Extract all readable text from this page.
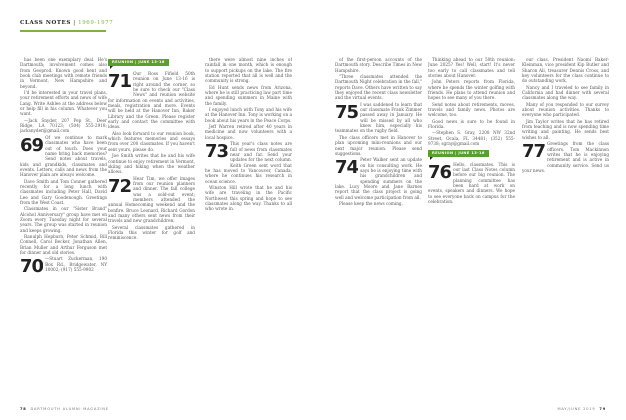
CLASS NOTES | 1969-1977

has been one exemplary deal. He's Dartmouth; involvement comes also from Geoprod. Known good bent and book club meetings with remote friends in Vermont, New Hampshire and beyond.

I'd be interested in your travel plans, your retirement efforts and news of wife Lang. Write Ashlee at the address below or help fill in his column. Whatever you want.

—Jack Snyder, 207 Pep St., Deer Ridge, LA 70123; (504) 555-2918; jacksnyder@gmail.com

69 Of we continue to mark classmates who have been out of touch. Does your name bring back memories? Send notes about travels, kids and grandkids, classmates and events. Letters, calls and news from the Hanover plain are always welcome.

Dave Smith and Tom Conner gathered recently for a long lunch with classmates including Peter Hall, David Lee and Gary Goodenough. Greetings from the West Coast.

Classmates in our "Sister Brand" Alcohol Anniversary" group have met on Zoom every Tuesday night for several years. The group was started in reunion and keeps growing.

Ranulph Hepburn, Peter Schmid, Bill Connell, Carol Becker, Jonathan Allen, Brian Muller and Arthur Ferguson met for dinner and old stories.

70 —Stuart Zuckerman, 190 Box Rd., Bridgewater, NY 10002; (917) 555-9902

REUNION | JUNE 13-16

71 Our Ross Fifield 50th reunion on June 13-16 is right around the corner, so be sure to check our "Class News" and reunion website for information on events and activities, meals, registration and more. Events will be held at the Hanover Inn, Baker Library and the Green. Please register early and contact the committee with ideas.

Also look forward to our reunion book, which features memories and essays from over 200 classmates. If you haven't sent yours, please do.

Joe Smith writes that he and his wife continue to enjoy retirement in Vermont, skiing and hiking when the weather allows.

72 Hear Tim, we offer images from our reunion planners and dinner. The fall college was a sold-out event; members attended the annual Homecoming weekend and the bonfire. Bruce Leonard, Richard Gordon and many others sent news from their travels and new grandchildren.

Several classmates gathered in Florida this winter for golf and reminiscence.

there were almost nine inches of rainfall in one month, which is enough to support pickups on the lake. The fire station reported that all is well and the community is strong.

Ed Hunt sends news from Arizona, where he is still practicing law part time and spending summers in Maine with the family.

I enjoyed lunch with Tony and his wife at the Hanover Inn. Tony is working on a book about his years in the Peace Corps.

Jeff Warren retired after 40 years in medicine and now volunteers with a local hospice.

73 This year's class notes are full of news from classmates near and far. Send your updates for the next column. Keith Green sent word that he has moved to Vancouver, Canada, where he continues his research in ocean science.

Winston Hill wrote that he and his wife are traveling in the Pacific Northwest this spring and hope to see classmates along the way. Thanks to all who wrote in.

of the first-person accounts of the Dartmouth story. Describe Times in New Hampshire.

"Three classmates attended the Dartmouth Night celebration in the fall," reports Dave. Others have written to say they enjoyed the recent class newsletter and the virtual events.

75 I was saddened to learn that our classmate Frank Zimmer passed away in January. He will be missed by all who knew him, especially his teammates on the rugby field.

The class officers met in Hanover to plan upcoming mini-reunions and our next major reunion. Please send suggestions.

74 Peter Walker sent an update on his consulting work. He says he is enjoying time with his grandchildren and spending summers on the lake. Lucy Moore and Jane Barnes report that the class project is going well and welcome participation from all.

Please keep the news coming.

Thinking ahead to our 50th reunion: June 2025? Yes! Well, start! It's never too early to call classmates and tell stories about Hanover.

John Peters reports from Florida, where he spends the winter golfing with friends. He plans to attend reunion and hopes to see many of you there.

Send notes about retirements, moves, travels and family news. Photos are welcome, too.

Good news is sure to be found in Florida.

—Stephen S. Gray, 2208 NW 32nd Street, Ocala, FL 34481; (352) 555-9738; sgray@gmail.com

REUNION | JUNE 13-16

76 Hello, classmates. This is our last Class Notes column before our big reunion. The planning committee has been hard at work on events, speakers and dinners. We hope to see everyone back on campus for the celebration.

our class. President Naomi Baker-Kleinman, vice president Kip Butler and Sharon Ali, treasurer Dennis Cross, and key volunteers for the class continue to do outstanding work.

Nancy and I traveled to see family in California and had dinner with several classmates along the way.

Many of you responded to our survey about reunion activities. Thanks to everyone who participated.

Jim Taylor writes that he has retired from teaching and is now spending time writing and painting. He sends best wishes to all.

77 Greetings from the class officers. Tom Mackinnon writes that he is enjoying retirement and is active in community service. Send us your news.

78 DARTMOUTH ALUMNI MAGAZINE	MAY/JUNE 2019 79
